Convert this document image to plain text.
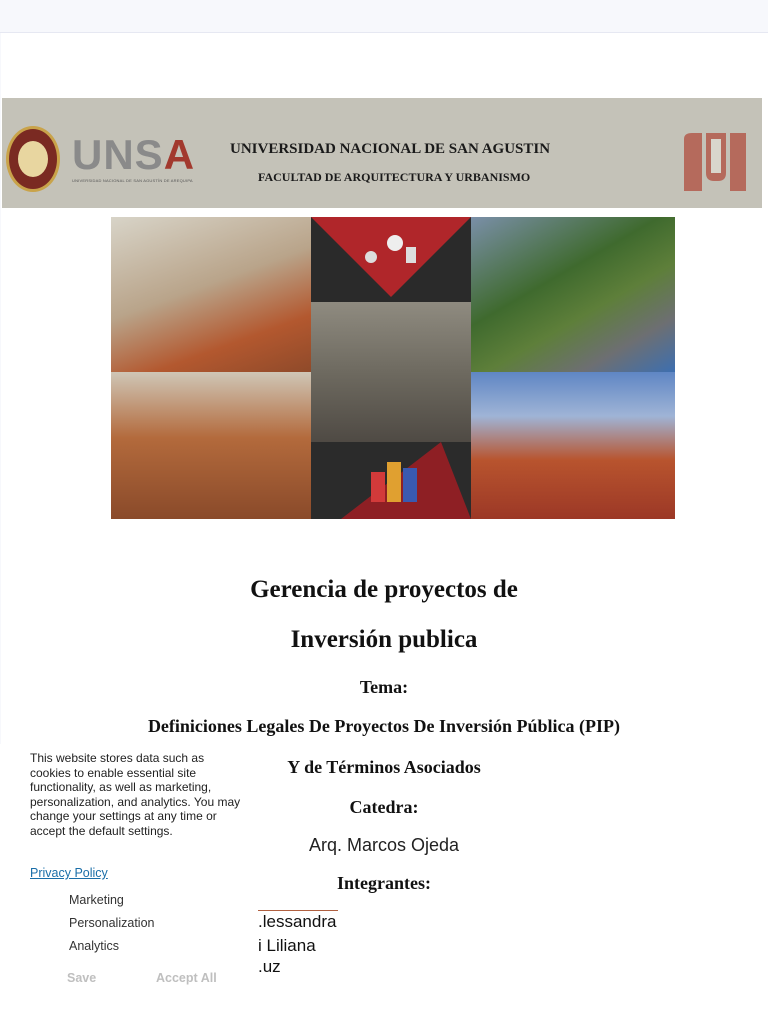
UNSA
UNIVERSIDAD NACIONAL DE SAN AGUSTÍN DE AREQUIPA
UNIVERSIDAD NACIONAL DE SAN AGUSTIN
FACULTAD DE ARQUITECTURA Y URBANISMO
Gerencia de proyectos de
Inversión publica
Tema:
Definiciones Legales De Proyectos De Inversión Pública (PIP)
Y de Términos Asociados
Catedra:
Arq. Marcos Ojeda
Integrantes:
.lessandra
i Liliana
.uz
This website stores data such as cookies to enable essential site functionality, as well as marketing, personalization, and analytics. You may change your settings at any time or accept the default settings.
Privacy Policy
Marketing
Personalization
Analytics
Save	Accept All
